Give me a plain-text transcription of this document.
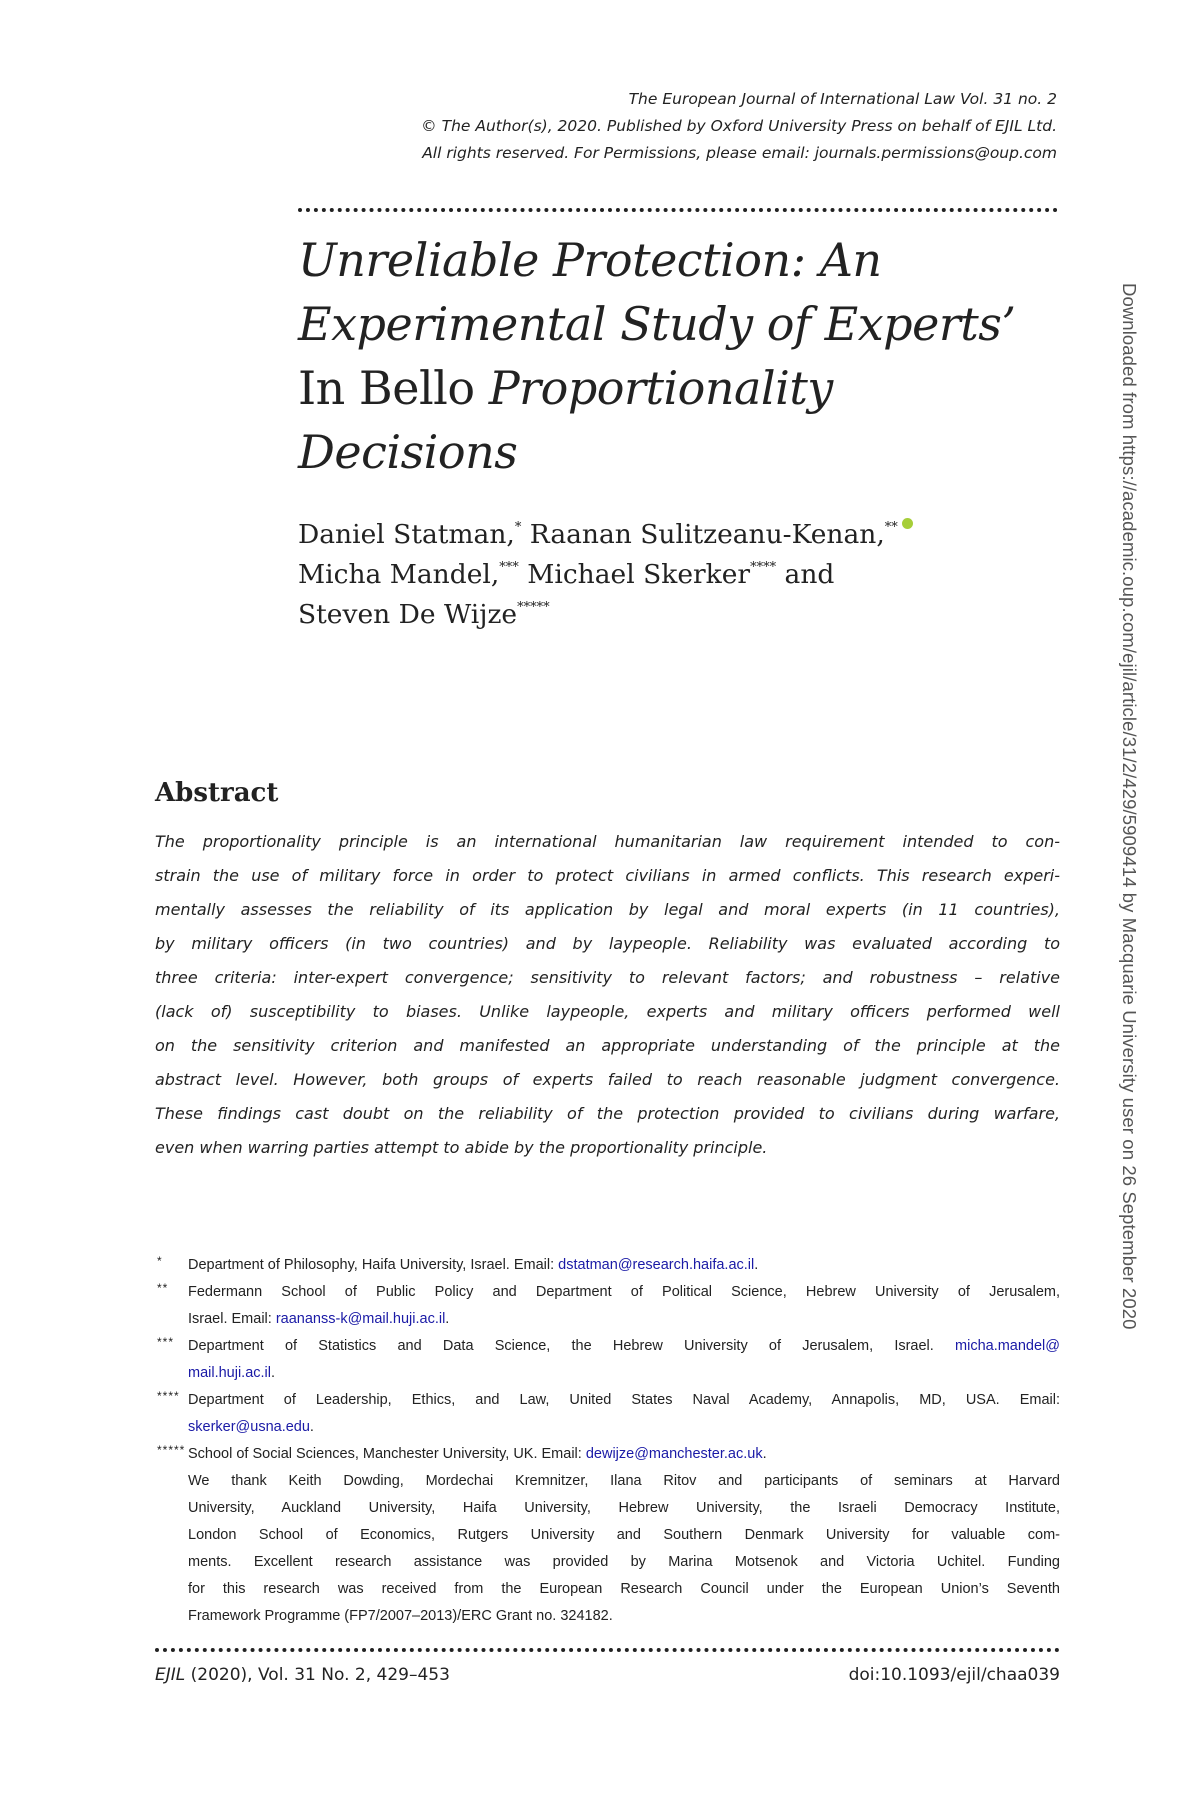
The European Journal of International Law Vol. 31 no. 2
© The Author(s), 2020. Published by Oxford University Press on behalf of EJIL Ltd.
All rights reserved. For Permissions, please email: journals.permissions@oup.com
Unreliable Protection: An
Experimental Study of Experts’
In Bello Proportionality
Decisions
Daniel Statman,* Raanan Sulitzeanu-Kenan,**
Micha Mandel,*** Michael Skerker**** and
Steven De Wijze*****
Abstract
The proportionality principle is an international humanitarian law requirement intended to con-
strain the use of military force in order to protect civilians in armed conflicts. This research experi-
mentally assesses the reliability of its application by legal and moral experts (in 11 countries),
by military officers (in two countries) and by laypeople. Reliability was evaluated according to
three criteria: inter-expert convergence; sensitivity to relevant factors; and robustness – relative
(lack of) susceptibility to biases. Unlike laypeople, experts and military officers performed well
on the sensitivity criterion and manifested an appropriate understanding of the principle at the
abstract level. However, both groups of experts failed to reach reasonable judgment convergence.
These findings cast doubt on the reliability of the protection provided to civilians during warfare,
even when warring parties attempt to abide by the proportionality principle.
* Department of Philosophy, Haifa University, Israel. Email: dstatman@research.haifa.ac.il.
** Federmann School of Public Policy and Department of Political Science, Hebrew University of Jerusalem,
Israel. Email: raananss-k@mail.huji.ac.il.
*** Department of Statistics and Data Science, the Hebrew University of Jerusalem, Israel. micha.mandel@
mail.huji.ac.il.
**** Department of Leadership, Ethics, and Law, United States Naval Academy, Annapolis, MD, USA. Email:
skerker@usna.edu.
***** School of Social Sciences, Manchester University, UK. Email: dewijze@manchester.ac.uk.
We thank Keith Dowding, Mordechai Kremnitzer, Ilana Ritov and participants of seminars at Harvard
University, Auckland University, Haifa University, Hebrew University, the Israeli Democracy Institute,
London School of Economics, Rutgers University and Southern Denmark University for valuable com-
ments. Excellent research assistance was provided by Marina Motsenok and Victoria Uchitel. Funding
for this research was received from the European Research Council under the European Union’s Seventh
Framework Programme (FP7/2007–2013)/ERC Grant no. 324182.
EJIL (2020), Vol. 31 No. 2, 429–453	doi:10.1093/ejil/chaa039
Downloaded from https://academic.oup.com/ejil/article/31/2/429/5909414 by Macquarie University user on 26 September 2020
